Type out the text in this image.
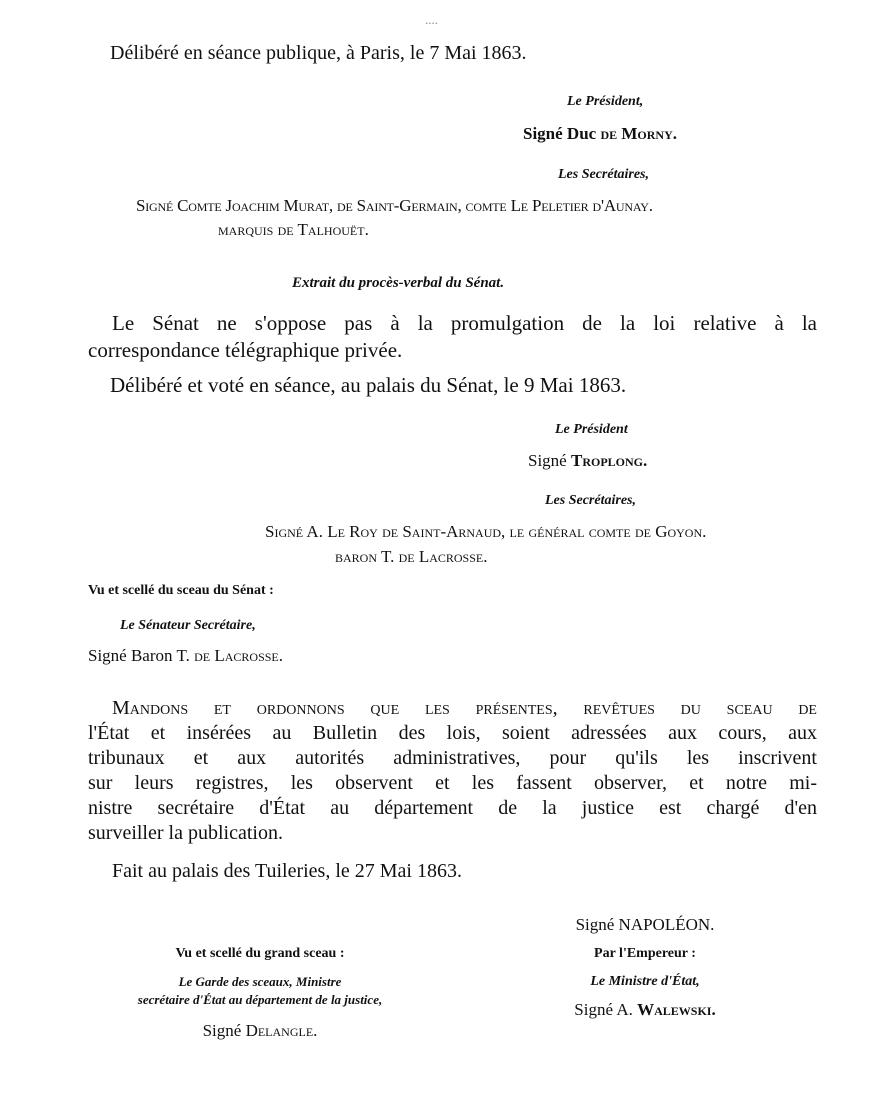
....
Délibéré en séance publique, à Paris, le 7 Mai 1863.
Le Président,
Signé Duc de Morny.
Les Secrétaires,
Signé Comte Joachim Murat, de Saint-Germain, comte Le Peletier d'Aunay.
marquis de Talhouët.
Extrait du procès-verbal du Sénat.
Le Sénat ne s'oppose pas à la promulgation de la loi relative à la
correspondance télégraphique privée.
Délibéré et voté en séance, au palais du Sénat, le 9 Mai 1863.
Le Président
Signé Troplong.
Les Secrétaires,
Signé A. Le Roy de Saint-Arnaud, le général comte de Goyon.
baron T. de Lacrosse.
Vu et scellé du sceau du Sénat :
Le Sénateur Secrétaire,
Signé Baron T. de Lacrosse.
Mandons et ordonnons que les présentes, revêtues du sceau de
l'État et insérées au Bulletin des lois, soient adressées aux cours, aux
tribunaux et aux autorités administratives, pour qu'ils les inscrivent
sur leurs registres, les observent et les fassent observer, et notre mi-
nistre secrétaire d'État au département de la justice est chargé d'en
surveiller la publication.
Fait au palais des Tuileries, le 27 Mai 1863.
Signé NAPOLÉON.
Par l'Empereur :
Le Ministre d'État,
Signé A. Walewski.
Vu et scellé du grand sceau :
Le Garde des sceaux, Ministre
secrétaire d'État au département de la justice,
Signé Delangle.
